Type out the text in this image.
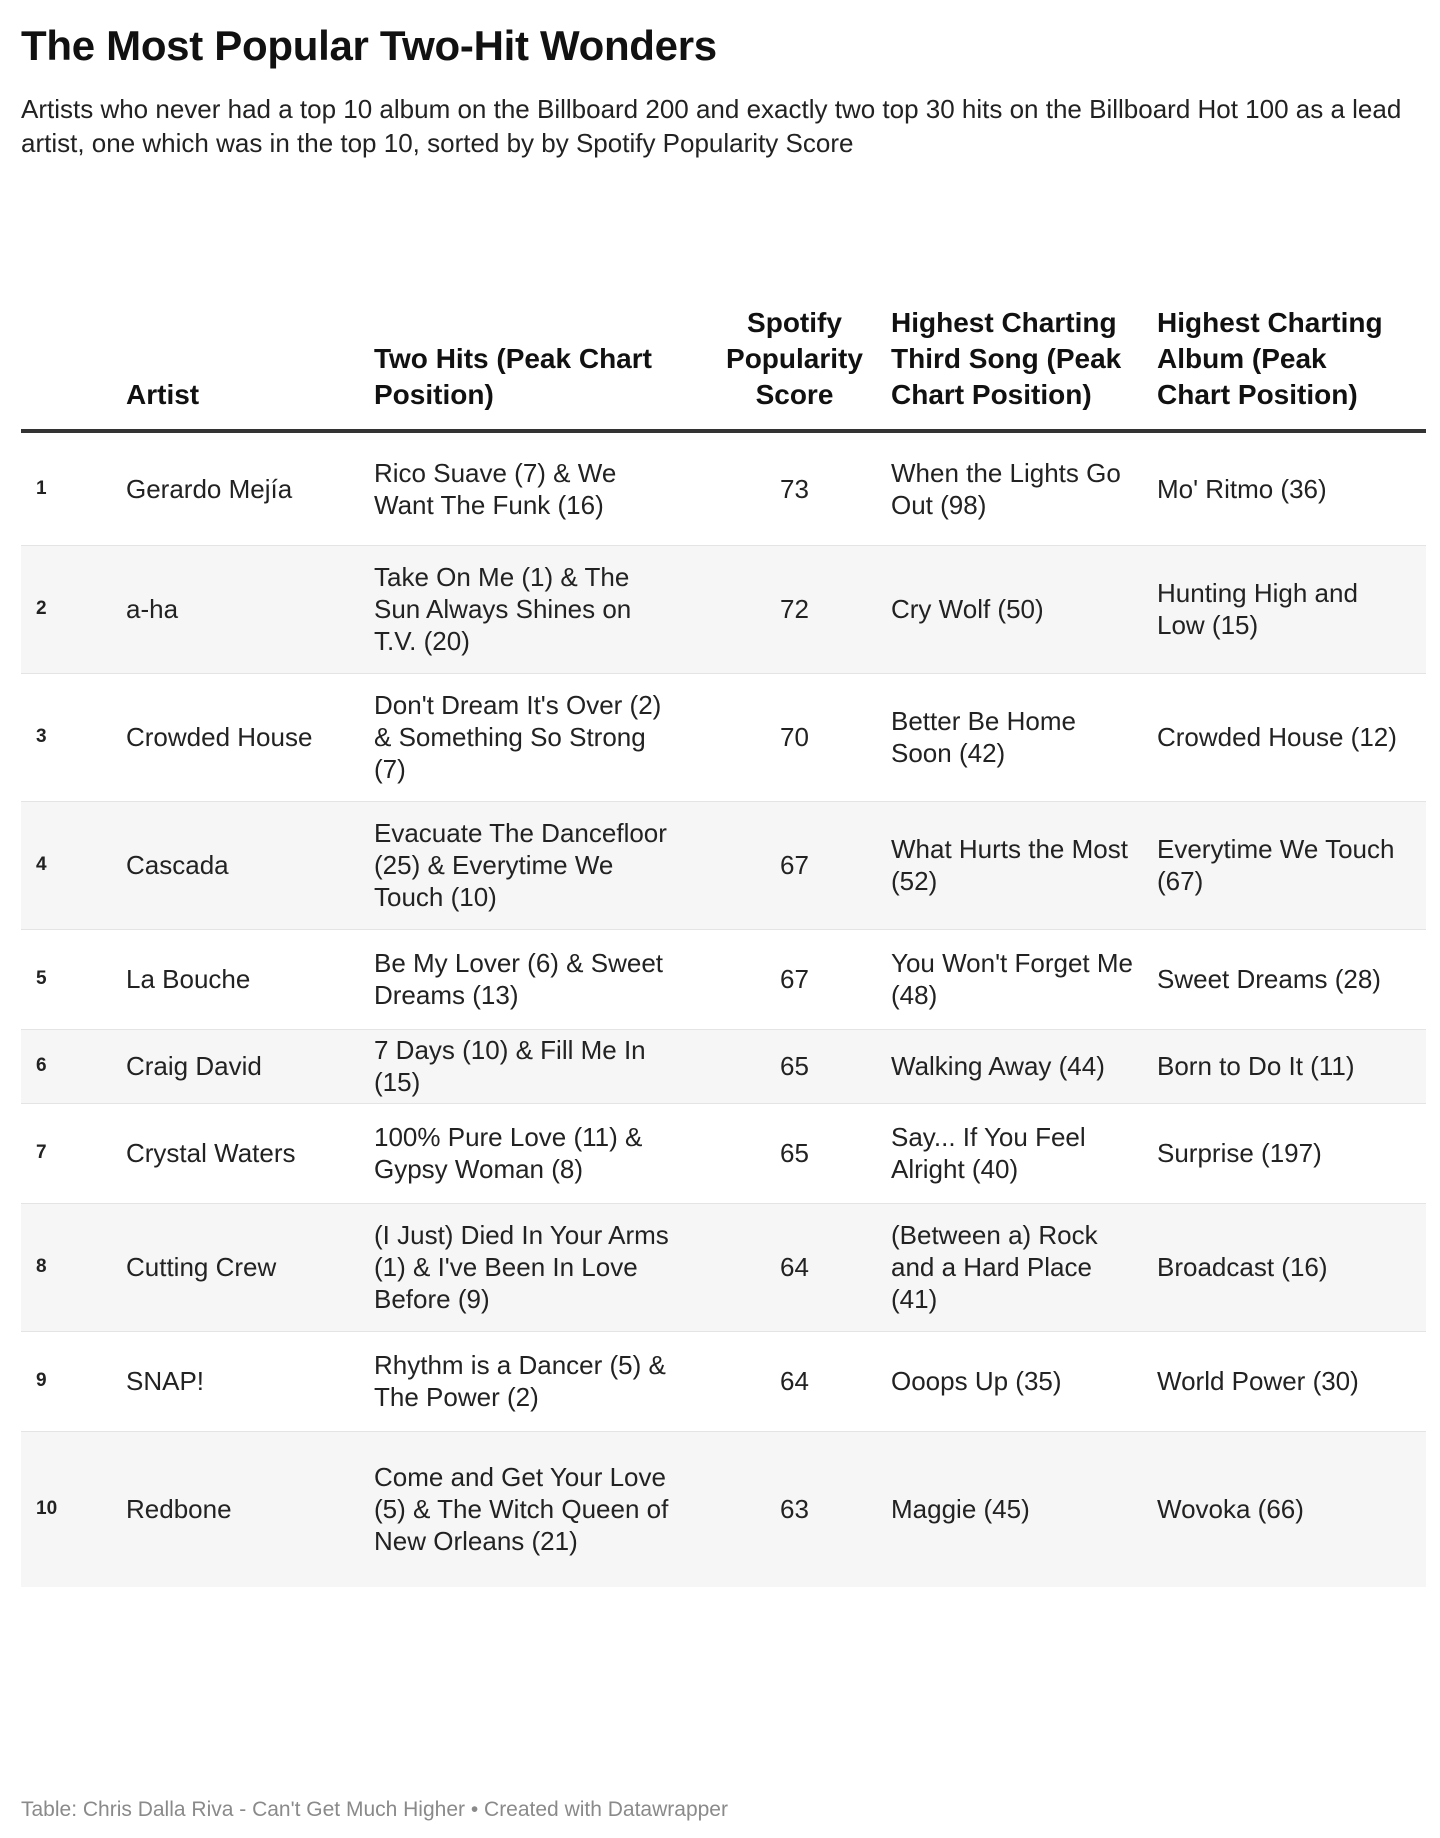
The Most Popular Two-Hit Wonders
Artists who never had a top 10 album on the Billboard 200 and exactly two top 30 hits on the Billboard Hot 100 as a lead artist, one which was in the top 10, sorted by by Spotify Popularity Score
	Artist	Two Hits (Peak Chart Position)	Spotify Popularity Score	Highest Charting Third Song (Peak Chart Position)	Highest Charting Album (Peak Chart Position)
1	Gerardo Mejía	Rico Suave (7) & We Want The Funk (16)	73	When the Lights Go Out (98)	Mo' Ritmo (36)
2	a-ha	Take On Me (1) & The Sun Always Shines on T.V. (20)	72	Cry Wolf (50)	Hunting High and Low (15)
3	Crowded House	Don't Dream It's Over (2) & Something So Strong (7)	70	Better Be Home Soon (42)	Crowded House (12)
4	Cascada	Evacuate The Dancefloor (25) & Everytime We Touch (10)	67	What Hurts the Most (52)	Everytime We Touch (67)
5	La Bouche	Be My Lover (6) & Sweet Dreams (13)	67	You Won't Forget Me (48)	Sweet Dreams (28)
6	Craig David	7 Days (10) & Fill Me In (15)	65	Walking Away (44)	Born to Do It (11)
7	Crystal Waters	100% Pure Love (11) & Gypsy Woman (8)	65	Say... If You Feel Alright (40)	Surprise (197)
8	Cutting Crew	(I Just) Died In Your Arms (1) & I've Been In Love Before (9)	64	(Between a) Rock and a Hard Place (41)	Broadcast (16)
9	SNAP!	Rhythm is a Dancer (5) & The Power (2)	64	Ooops Up (35)	World Power (30)
10	Redbone	Come and Get Your Love (5) & The Witch Queen of New Orleans (21)	63	Maggie (45)	Wovoka (66)
Table: Chris Dalla Riva - Can't Get Much Higher • Created with Datawrapper
